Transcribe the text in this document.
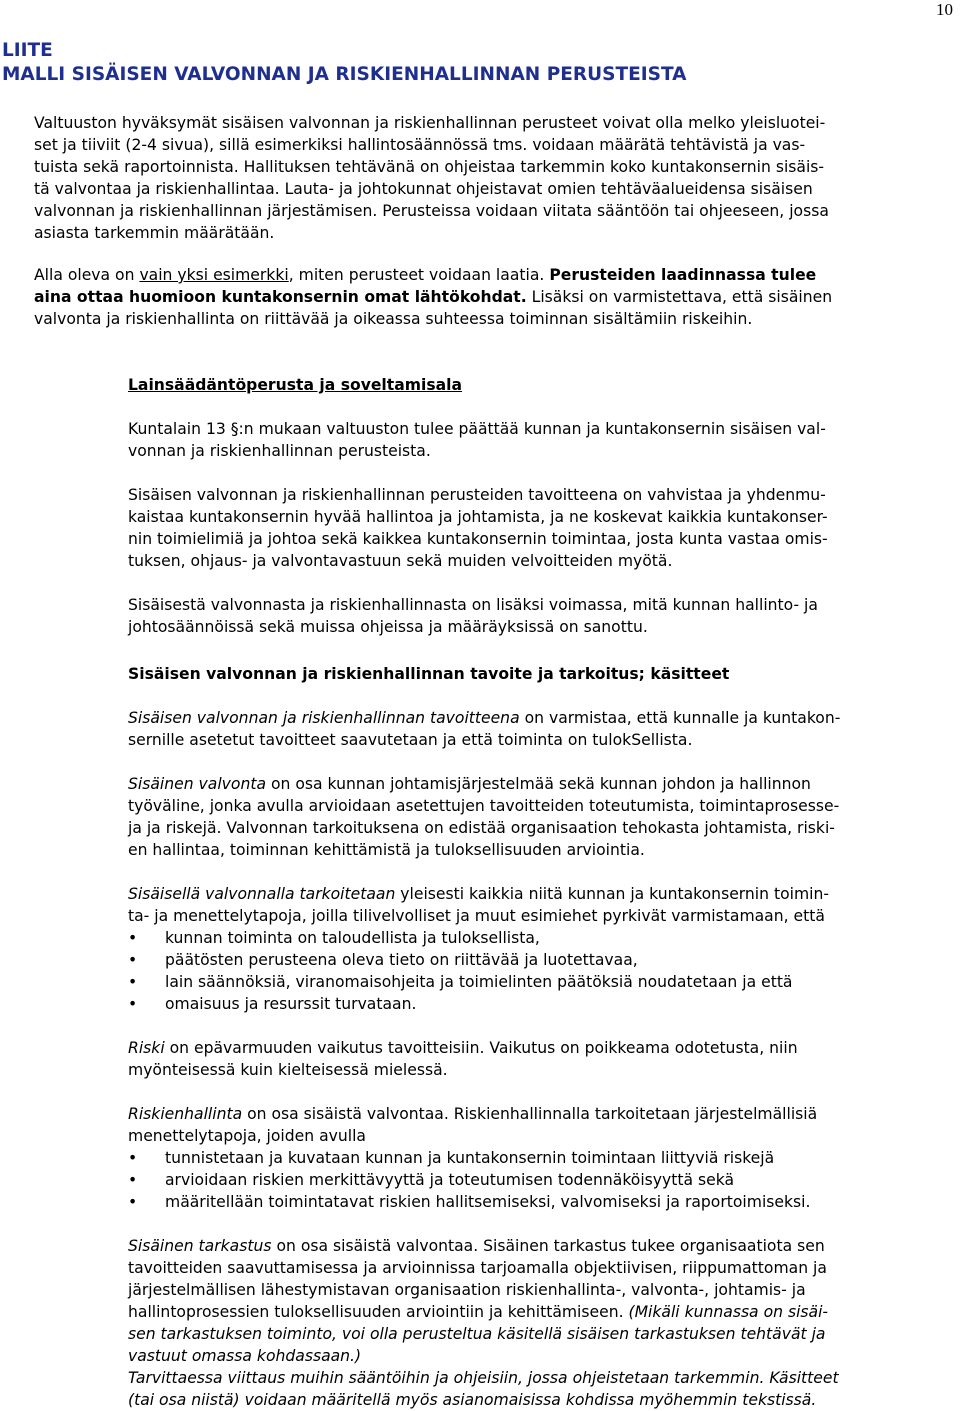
10
LIITE
MALLI SISÄISEN VALVONNAN JA RISKIENHALLINNAN PERUSTEISTA

Valtuuston hyväksymät sisäisen valvonnan ja riskienhallinnan perusteet voivat olla melko yleisluotei-
set ja tiiviit (2-4 sivua), sillä esimerkiksi hallintosäännössä tms. voidaan määrätä tehtävistä ja vas-
tuista sekä raportoinnista. Hallituksen tehtävänä on ohjeistaa tarkemmin koko kuntakonsernin sisäis-
tä valvontaa ja riskienhallintaa. Lauta- ja johtokunnat ohjeistavat omien tehtäväalueidensa sisäisen
valvonnan ja riskienhallinnan järjestämisen. Perusteissa voidaan viitata sääntöön tai ohjeeseen, jossa
asiasta tarkemmin määrätään.

Alla oleva on vain yksi esimerkki, miten perusteet voidaan laatia. Perusteiden laadinnassa tulee
aina ottaa huomioon kuntakonsernin omat lähtökohdat. Lisäksi on varmistettava, että sisäinen
valvonta ja riskienhallinta on riittävää ja oikeassa suhteessa toiminnan sisältämiin riskeihin.

Lainsäädäntöperusta ja soveltamisala

Kuntalain 13 §:n mukaan valtuuston tulee päättää kunnan ja kuntakonsernin sisäisen val-
vonnan ja riskienhallinnan perusteista.

Sisäisen valvonnan ja riskienhallinnan perusteiden tavoitteena on vahvistaa ja yhdenmu-
kaistaa kuntakonsernin hyvää hallintoa ja johtamista, ja ne koskevat kaikkia kuntakonser-
nin toimielimiä ja johtoa sekä kaikkea kuntakonsernin toimintaa, josta kunta vastaa omis-
tuksen, ohjaus- ja valvontavastuun sekä muiden velvoitteiden myötä.

Sisäisestä valvonnasta ja riskienhallinnasta on lisäksi voimassa, mitä kunnan hallinto- ja
johtosäännöissä sekä muissa ohjeissa ja määräyksissä on sanottu.

Sisäisen valvonnan ja riskienhallinnan tavoite ja tarkoitus; käsitteet

Sisäisen valvonnan ja riskienhallinnan tavoitteena on varmistaa, että kunnalle ja kuntakon-
sernille asetetut tavoitteet saavutetaan ja että toiminta on tulokSellista.

Sisäinen valvonta on osa kunnan johtamisjärjestelmää sekä kunnan johdon ja hallinnon
työväline, jonka avulla arvioidaan asetettujen tavoitteiden toteutumista, toimintaprosesse-
ja ja riskejä. Valvonnan tarkoituksena on edistää organisaation tehokasta johtamista, riski-
en hallintaa, toiminnan kehittämistä ja tuloksellisuuden arviointia.

Sisäisellä valvonnalla tarkoitetaan yleisesti kaikkia niitä kunnan ja kuntakonsernin toimin-
ta- ja menettelytapoja, joilla tilivelvolliset ja muut esimiehet pyrkivät varmistamaan, että

• kunnan toiminta on taloudellista ja tuloksellista,
• päätösten perusteena oleva tieto on riittävää ja luotettavaa,
• lain säännöksiä, viranomaisohjeita ja toimielinten päätöksiä noudatetaan ja että
• omaisuus ja resurssit turvataan.

Riski on epävarmuuden vaikutus tavoitteisiin. Vaikutus on poikkeama odotetusta, niin
myönteisessä kuin kielteisessä mielessä.

Riskienhallinta on osa sisäistä valvontaa. Riskienhallinnalla tarkoitetaan järjestelmällisiä
menettelytapoja, joiden avulla

• tunnistetaan ja kuvataan kunnan ja kuntakonsernin toimintaan liittyviä riskejä
• arvioidaan riskien merkittävyyttä ja toteutumisen todennäköisyyttä sekä
• määritellään toimintatavat riskien hallitsemiseksi, valvomiseksi ja raportoimiseksi.

Sisäinen tarkastus on osa sisäistä valvontaa. Sisäinen tarkastus tukee organisaatiota sen
tavoitteiden saavuttamisessa ja arvioinnissa tarjoamalla objektiivisen, riippumattoman ja
järjestelmällisen lähestymistavan organisaation riskienhallinta-, valvonta-, johtamis- ja
hallintoprosessien tuloksellisuuden arviointiin ja kehittämiseen. (Mikäli kunnassa on sisäi-
sen tarkastuksen toiminto, voi olla perusteltua käsitellä sisäisen tarkastuksen tehtävät ja
vastuut omassa kohdassaan.)
Tarvittaessa viittaus muihin sääntöihin ja ohjeisiin, jossa ohjeistetaan tarkemmin. Käsitteet
(tai osa niistä) voidaan määritellä myös asianomaisissa kohdissa myöhemmin tekstissä.
